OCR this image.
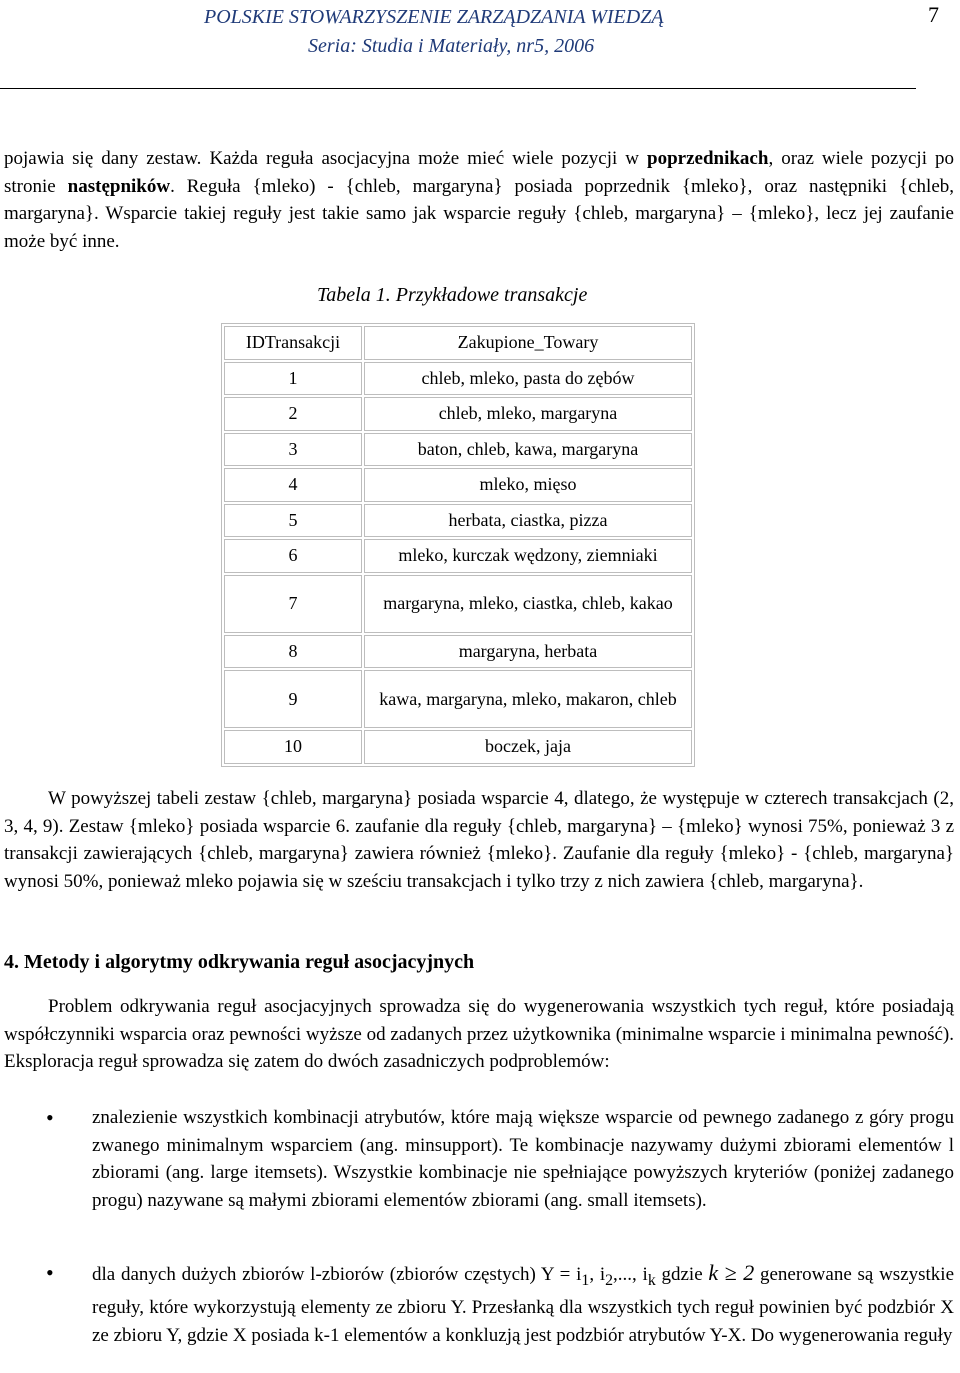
POLSKIE STOWARZYSZENIE ZARZĄDZANIA WIEDZĄ
Seria: Studia i Materiały, nr5, 2006
7
pojawia się dany zestaw. Każda reguła asocjacyjna może mieć wiele pozycji w poprzednikach, oraz wiele pozycji po stronie następników. Reguła {mleko) - {chleb, margaryna} posiada poprzednik {mleko}, oraz następniki {chleb, margaryna}. Wsparcie takiej reguły jest takie samo jak wsparcie reguły {chleb, margaryna} – {mleko}, lecz jej zaufanie może być inne.
Tabela 1. Przykładowe transakcje
IDTransakcji	Zakupione_Towary
1	chleb, mleko, pasta do zębów
2	chleb, mleko, margaryna
3	baton, chleb, kawa, margaryna
4	mleko, mięso
5	herbata, ciastka, pizza
6	mleko, kurczak wędzony, ziemniaki
7	margaryna, mleko, ciastka, chleb, kakao
8	margaryna, herbata
9	kawa, margaryna, mleko, makaron, chleb
10	boczek, jaja
W powyższej tabeli zestaw {chleb, margaryna} posiada wsparcie 4, dlatego, że występuje w czterech transakcjach (2, 3, 4, 9). Zestaw {mleko} posiada wsparcie 6. zaufanie dla reguły {chleb, margaryna} – {mleko} wynosi 75%, ponieważ 3 z transakcji zawierających {chleb, margaryna} zawiera również {mleko}. Zaufanie dla reguły {mleko} - {chleb, margaryna} wynosi 50%, ponieważ mleko pojawia się w sześciu transakcjach i tylko trzy z nich zawiera {chleb, margaryna}.
4. Metody i algorytmy odkrywania reguł asocjacyjnych
Problem odkrywania reguł asocjacyjnych sprowadza się do wygenerowania wszystkich tych reguł, które posiadają współczynniki wsparcia oraz pewności wyższe od zadanych przez użytkownika (minimalne wsparcie i minimalna pewność). Eksploracja reguł sprowadza się zatem do dwóch zasadniczych podproblemów:
• znalezienie wszystkich kombinacji atrybutów, które mają większe wsparcie od pewnego zadanego z góry progu zwanego minimalnym wsparciem (ang. minsupport). Te kombinacje nazywamy dużymi zbiorami elementów l zbiorami (ang. large itemsets). Wszystkie kombinacje nie spełniające powyższych kryteriów (poniżej zadanego progu) nazywane są małymi zbiorami elementów zbiorami (ang. small itemsets).
• dla danych dużych zbiorów l-zbiorów (zbiorów częstych) $Y = i_1$, $i_2$,..., $i_k$ gdzie k ≥ 2 generowane są wszystkie reguły, które wykorzystują elementy ze zbioru Y. Przesłanką dla wszystkich tych reguł powinien być podzbiór X ze zbioru Y, gdzie X posiada k-1 elementów a konkluzją jest podzbiór atrybutów Y-X. Do wygenerowania reguły
